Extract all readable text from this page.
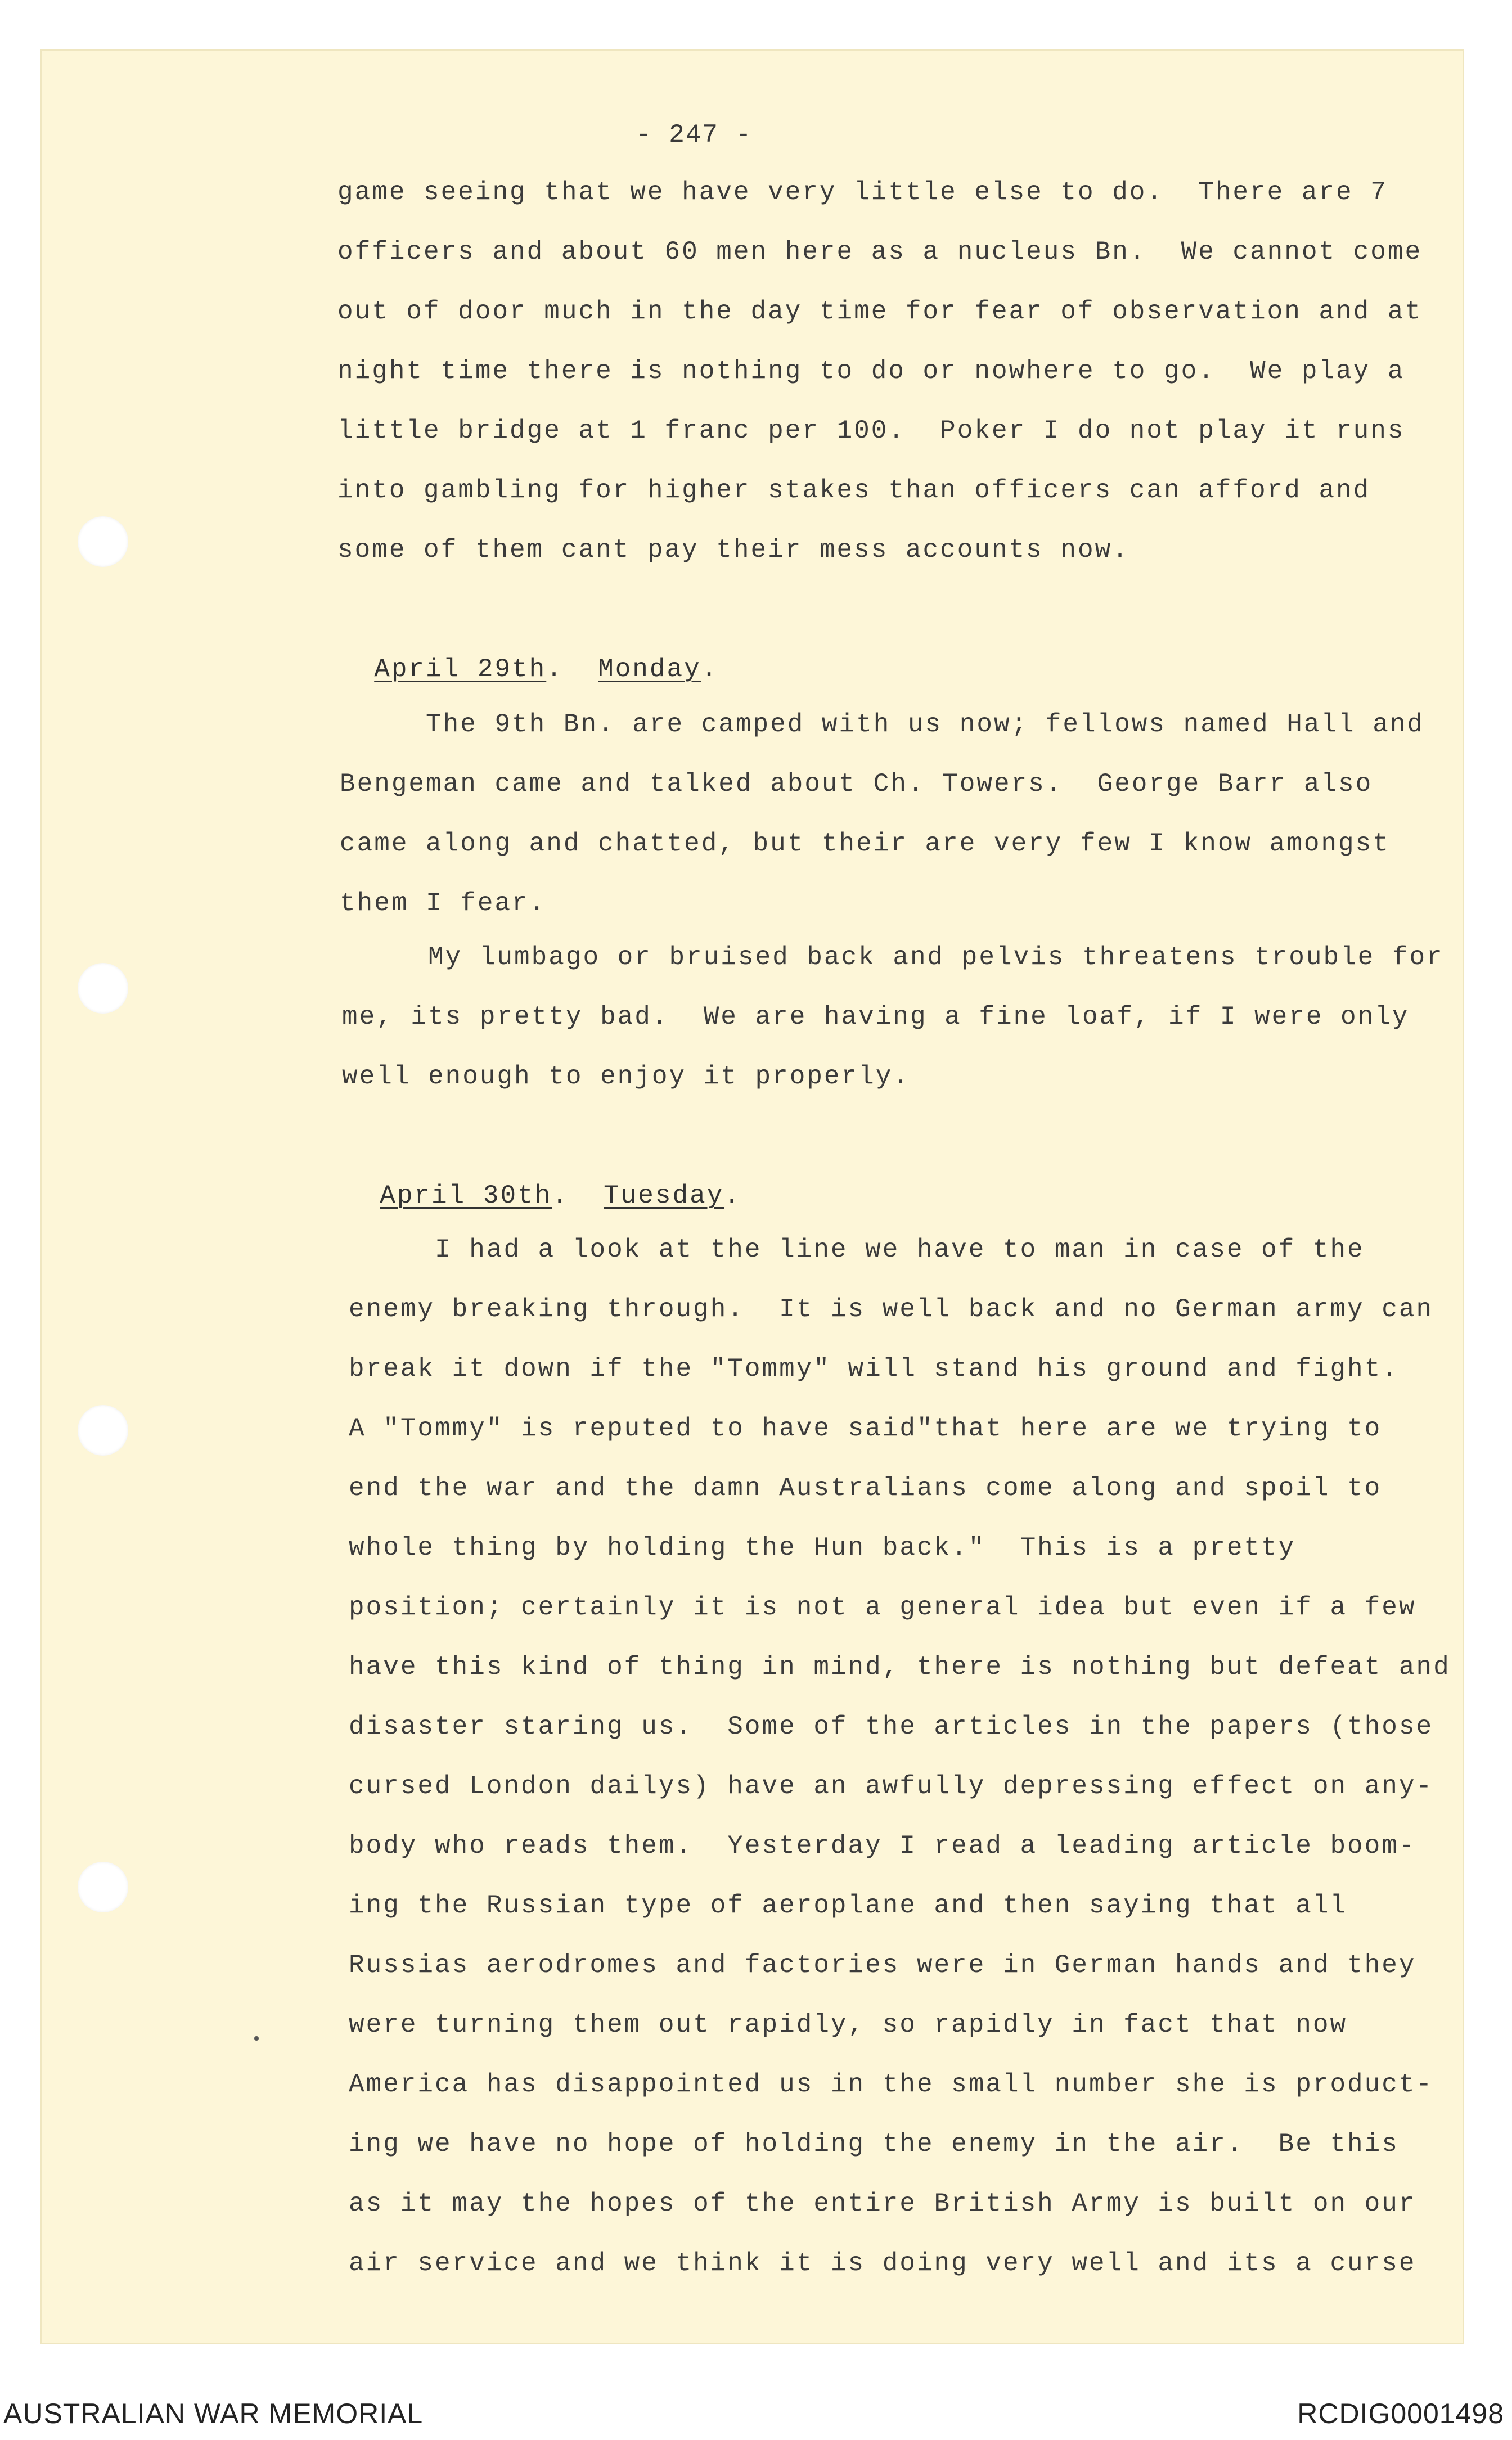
- 247 -

game seeing that we have very little else to do.  There are 7

officers and about 60 men here as a nucleus Bn.  We cannot come

out of door much in the day time for fear of observation and at

night time there is nothing to do or nowhere to go.  We play a

little bridge at 1 franc per 100.  Poker I do not play it runs

into gambling for higher stakes than officers can afford and

some of them cant pay their mess accounts now.

April 29th.  Monday.

The 9th Bn. are camped with us now; fellows named Hall and

Bengeman came and talked about Ch. Towers.  George Barr also

came along and chatted, but their are very few I know amongst

them I fear.

My lumbago or bruised back and pelvis threatens trouble for

me, its pretty bad.  We are having a fine loaf, if I were only

well enough to enjoy it properly.

April 30th.  Tuesday.

I had a look at the line we have to man in case of the

enemy breaking through.  It is well back and no German army can

break it down if the "Tommy" will stand his ground and fight.

A "Tommy" is reputed to have said"that here are we trying to

end the war and the damn Australians come along and spoil to

whole thing by holding the Hun back."  This is a pretty

position; certainly it is not a general idea but even if a few

have this kind of thing in mind, there is nothing but defeat and

disaster staring us.  Some of the articles in the papers (those

cursed London dailys) have an awfully depressing effect on any-

body who reads them.  Yesterday I read a leading article boom-

ing the Russian type of aeroplane and then saying that all

Russias aerodromes and factories were in German hands and they

were turning them out rapidly, so rapidly in fact that now

America has disappointed us in the small number she is product-

ing we have no hope of holding the enemy in the air.  Be this

as it may the hopes of the entire British Army is built on our

air service and we think it is doing very well and its a curse

AUSTRALIAN WAR MEMORIAL	RCDIG0001498
